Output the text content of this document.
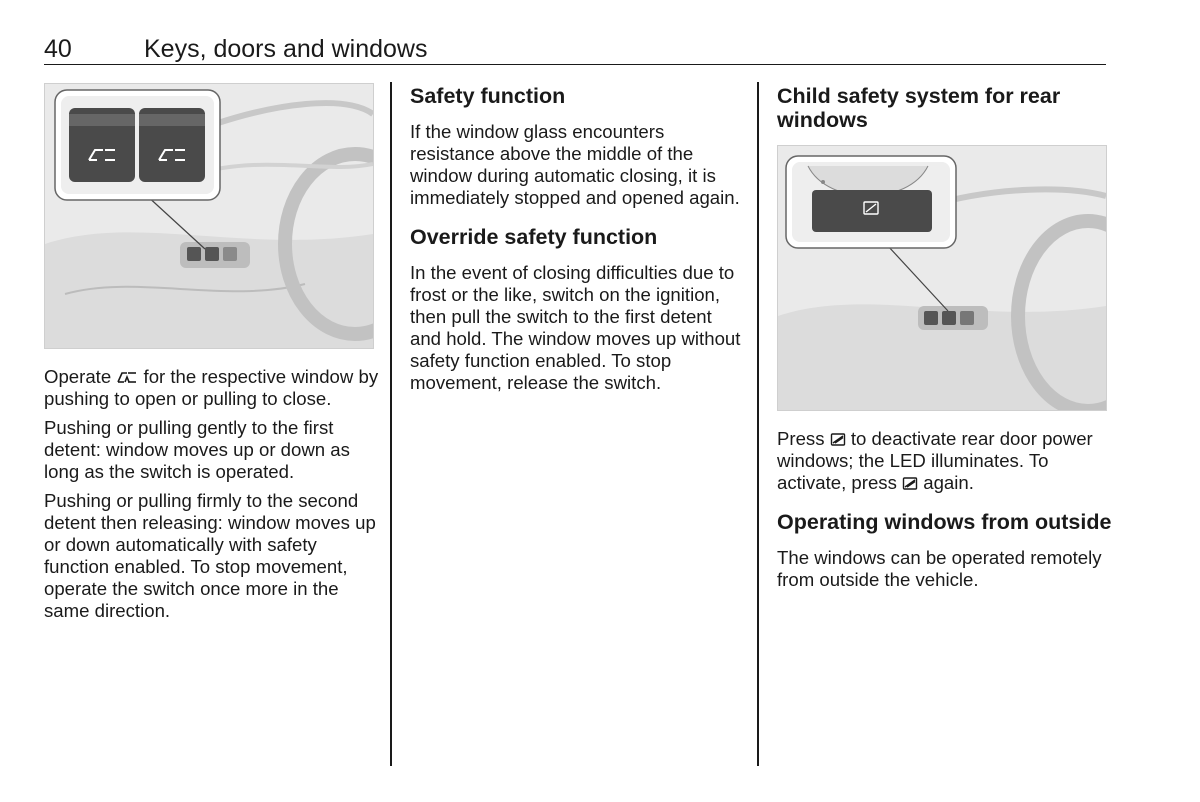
40	Keys, doors and windows

Operate for the respective window by pushing to open or pulling to close.

Pushing or pulling gently to the first detent: window moves up or down as long as the switch is operated.

Pushing or pulling firmly to the second detent then releasing: window moves up or down automatically with safety function enabled. To stop movement, operate the switch once more in the same direction.

Safety function

If the window glass encounters resistance above the middle of the window during automatic closing, it is immediately stopped and opened again.

Override safety function

In the event of closing difficulties due to frost or the like, switch on the ignition, then pull the switch to the first detent and hold. The window moves up without safety function enabled. To stop movement, release the switch.

Child safety system for rear windows

Press to deactivate rear door power windows; the LED illuminates. To activate, press again.

Operating windows from outside

The windows can be operated remotely from outside the vehicle.
